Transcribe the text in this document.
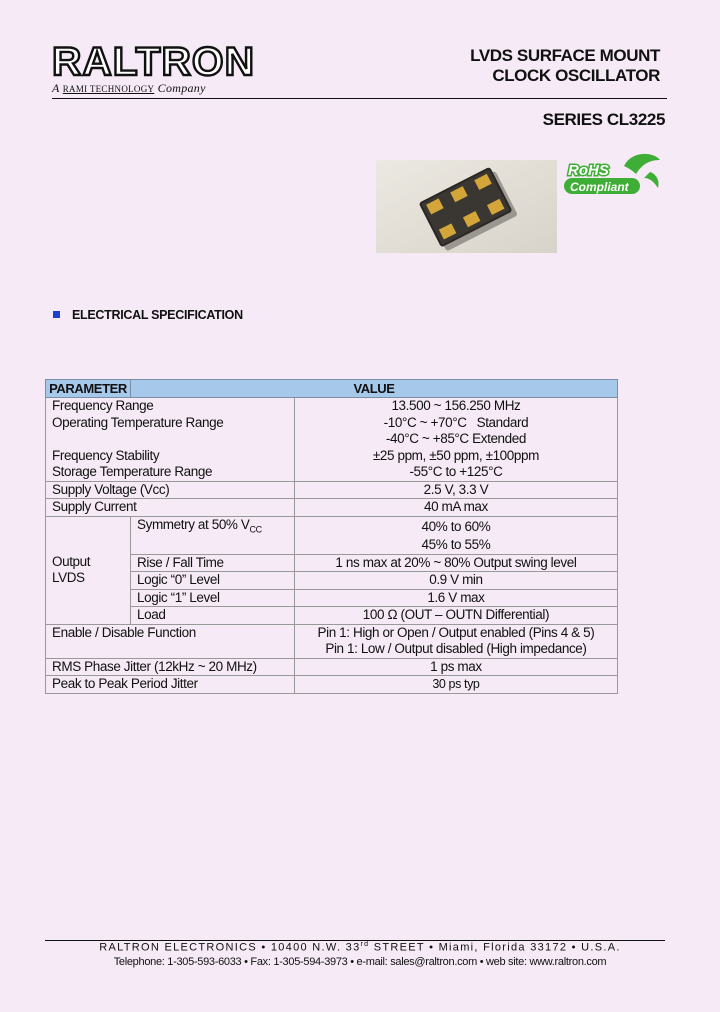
RALTRON
A RAMI TECHNOLOGY Company
LVDS SURFACE MOUNT
CLOCK OSCILLATOR
SERIES CL3225
RoHS
Compliant
ELECTRICAL SPECIFICATION
PARAMETER	VALUE	
Frequency Range		13.500 ~ 156.250 MHz
Operating Temperature Range		-10°C ~ +70°C   Standard
		-40°C ~ +85°C Extended
Frequency Stability		±25 ppm, ±50 ppm, ±100ppm
Storage Temperature Range		-55°C to +125°C
Supply Voltage (Vcc)		2.5 V, 3.3 V
Supply Current		40 mA max

Output
LVDS	Symmetry at 50% $V_{CC}$	40% to 60%
		45% to 55%
	Rise / Fall Time	1 ns max at 20% ~ 80% Output swing level
	Logic “0” Level	0.9 V min
	Logic “1” Level	1.6 V max
	Load	100 Ω (OUT – OUTN Differential)
Enable / Disable Function		Pin 1: High or Open / Output enabled (Pins 4 & 5)
		Pin 1: Low / Output disabled (High impedance)
RMS Phase Jitter (12kHz ~ 20 MHz)		1 ps max
Peak to Peak Period Jitter		30 ps typ
RALTRON ELECTRONICS • 10400 N.W. 33rd STREET • Miami, Florida 33172 • U.S.A.
Telephone: 1-305-593-6033 • Fax: 1-305-594-3973 • e-mail: sales@raltron.com • web site: www.raltron.com
